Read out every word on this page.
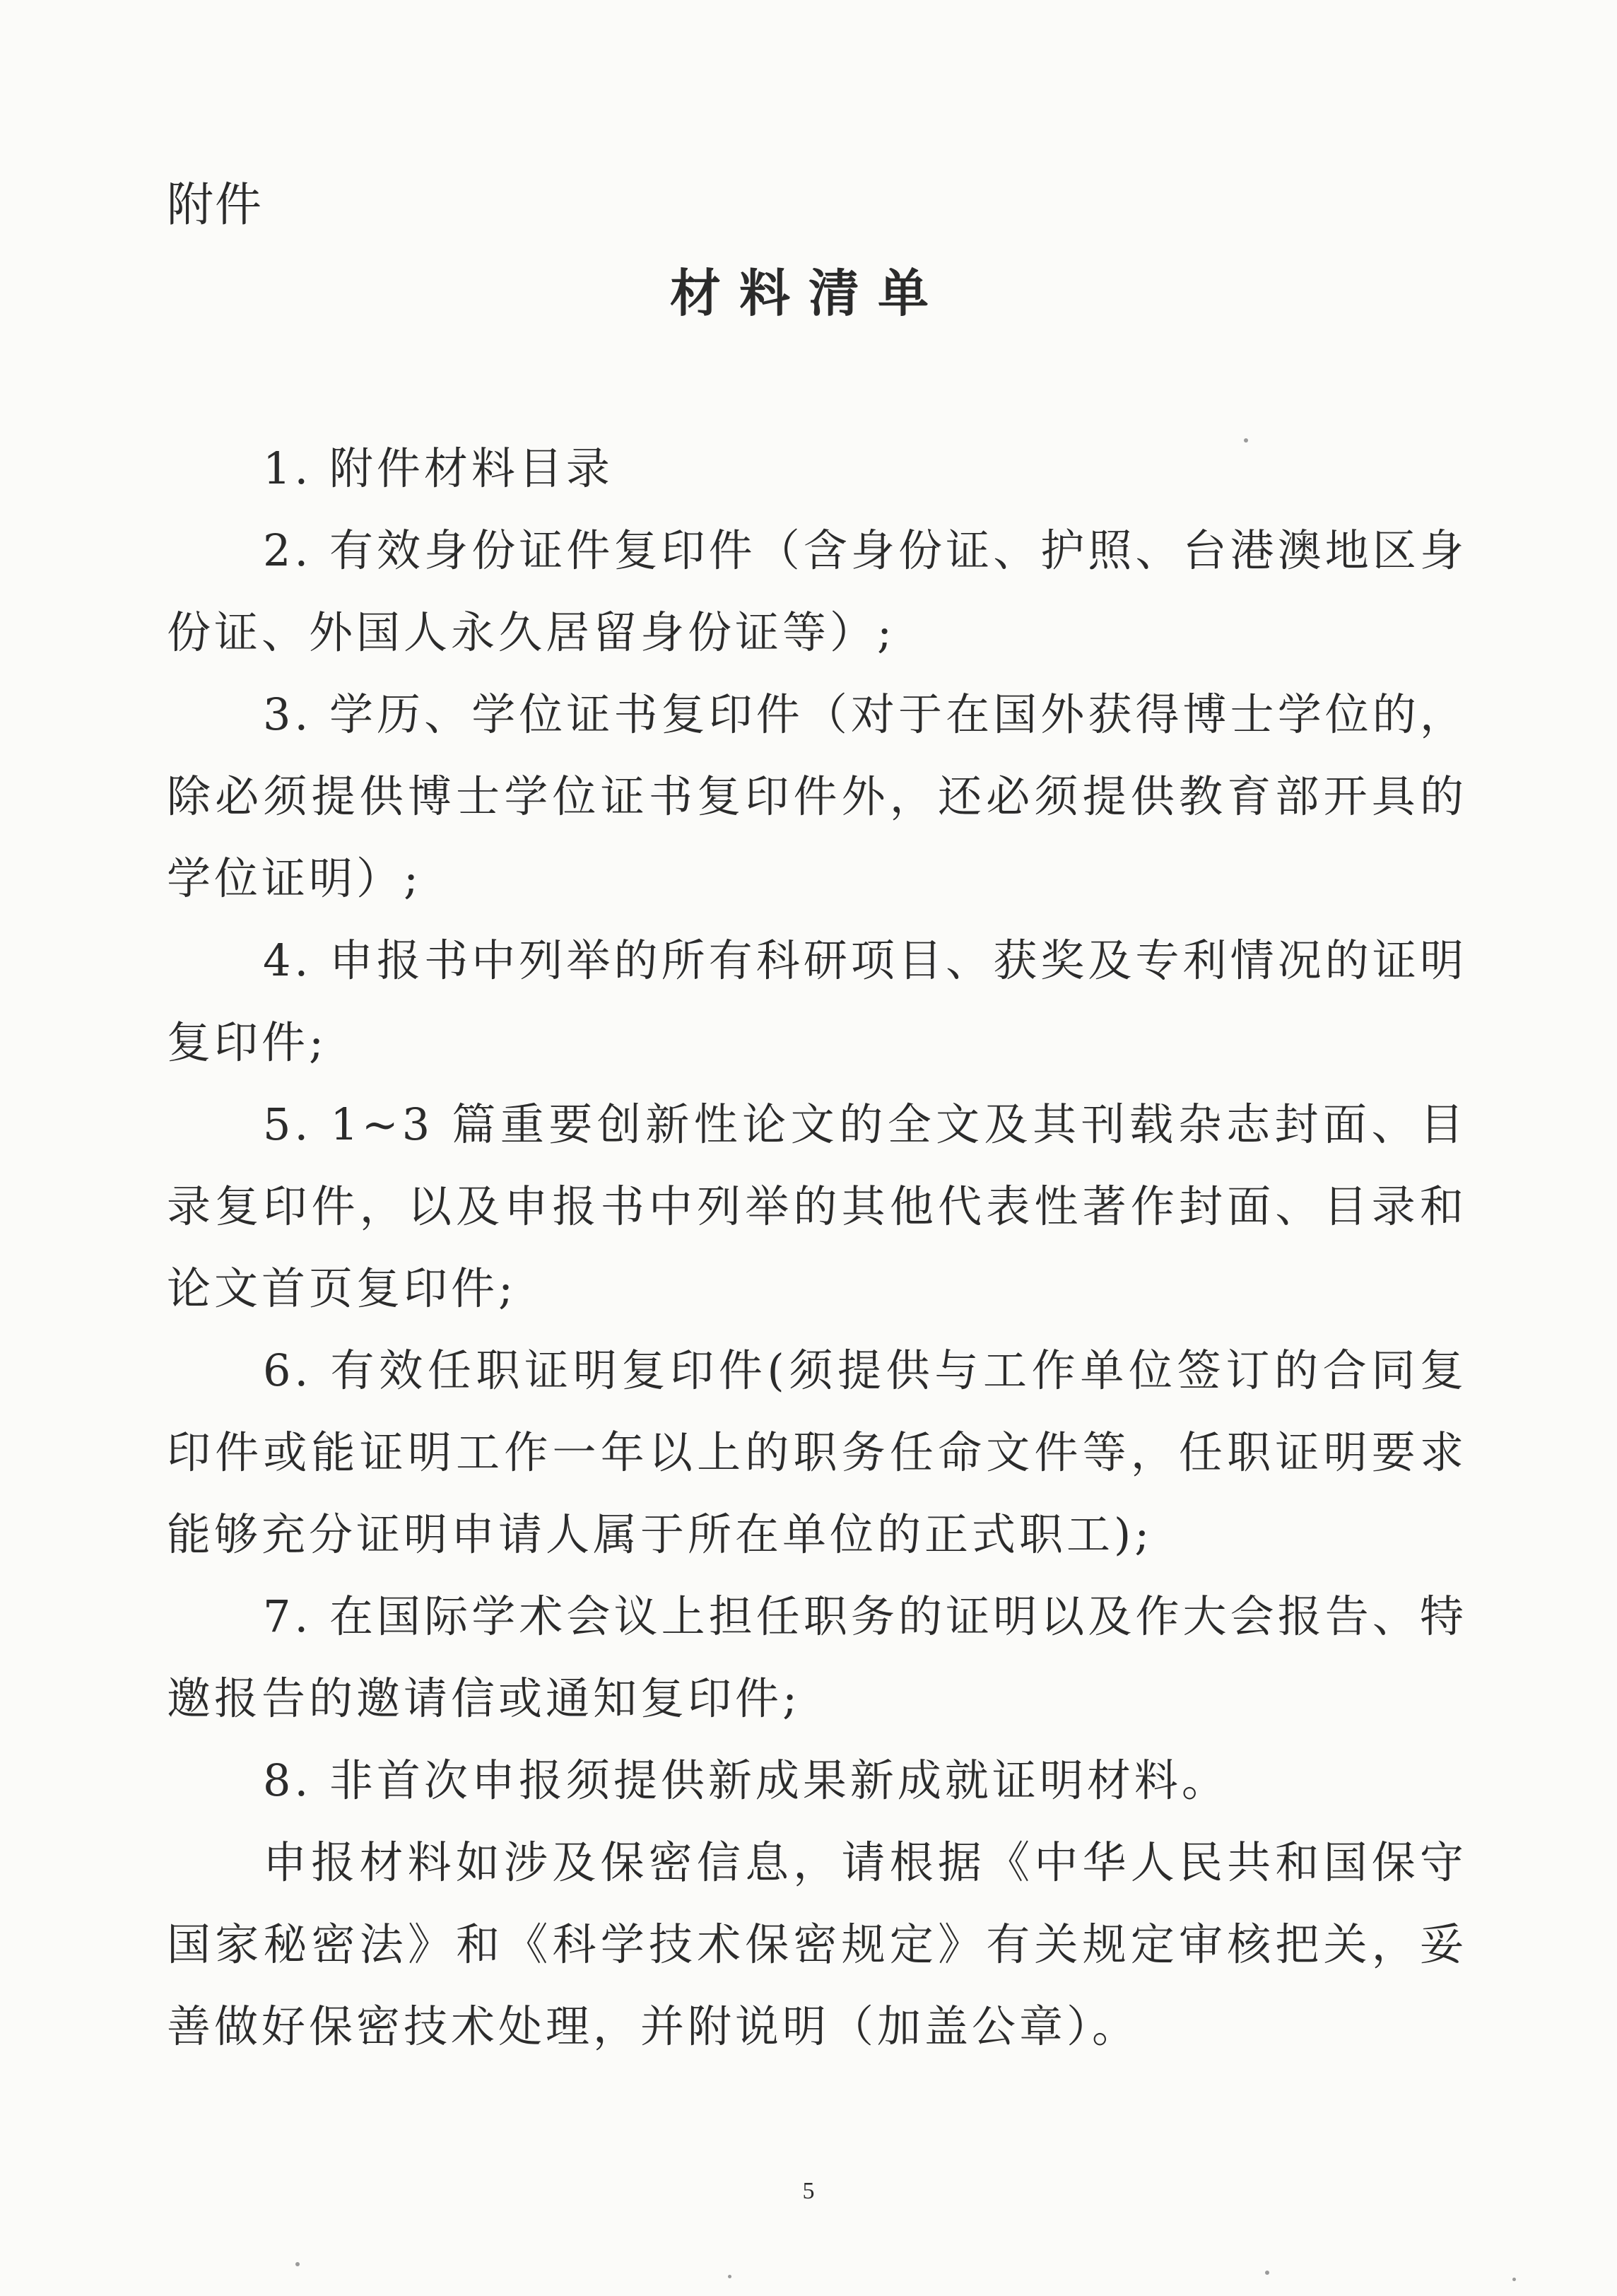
附件
材料清单

1. 附件材料目录

2. 有效身份证件复印件（含身份证、护照、台港澳地区身份证、外国人永久居留身份证等）;

3. 学历、学位证书复印件（对于在国外获得博士学位的，除必须提供博士学位证书复印件外，还必须提供教育部开具的学位证明）;

4. 申报书中列举的所有科研项目、获奖及专利情况的证明复印件;

5. 1~3 篇重要创新性论文的全文及其刊载杂志封面、目录复印件，以及申报书中列举的其他代表性著作封面、目录和论文首页复印件;

6. 有效任职证明复印件(须提供与工作单位签订的合同复印件或能证明工作一年以上的职务任命文件等，任职证明要求能够充分证明申请人属于所在单位的正式职工);

7. 在国际学术会议上担任职务的证明以及作大会报告、特邀报告的邀请信或通知复印件;

8. 非首次申报须提供新成果新成就证明材料。

申报材料如涉及保密信息，请根据《中华人民共和国保守国家秘密法》和《科学技术保密规定》有关规定审核把关，妥善做好保密技术处理，并附说明（加盖公章）。

5
